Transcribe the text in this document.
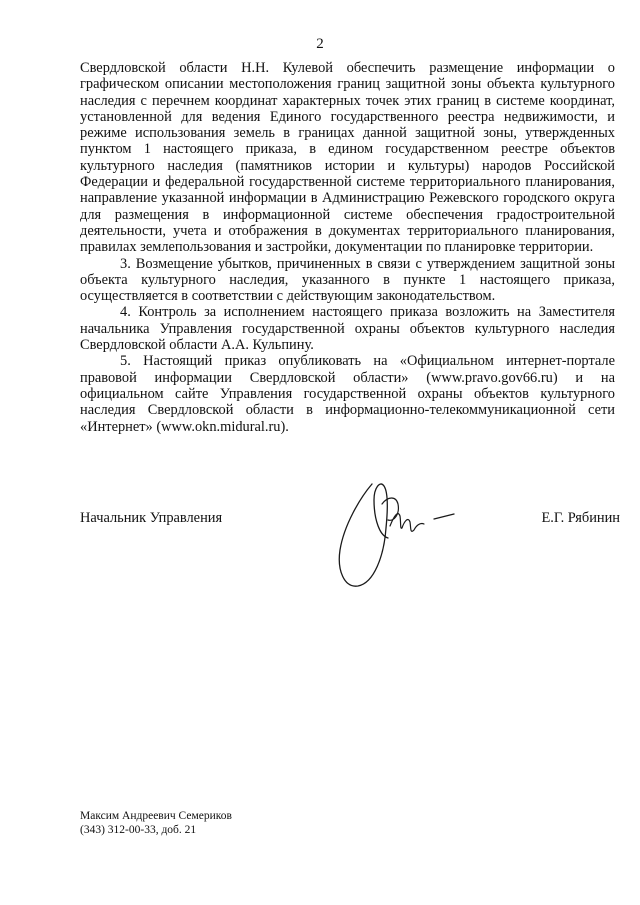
2

Свердловской области Н.Н. Кулевой обеспечить размещение информации о графическом описании местоположения границ защитной зоны объекта культурного наследия с перечнем координат характерных точек этих границ в системе координат, установленной для ведения Единого государственного реестра недвижимости, и режиме использования земель в границах данной защитной зоны, утвержденных пунктом 1 настоящего приказа, в едином государственном реестре объектов культурного наследия (памятников истории и культуры) народов Российской Федерации и федеральной государственной системе территориального планирования, направление указанной информации в Администрацию Режевского городского округа для размещения в информационной системе обеспечения градостроительной деятельности, учета и отображения в документах территориального планирования, правилах землепользования и застройки, документации по планировке территории.

3. Возмещение убытков, причиненных в связи с утверждением защитной зоны объекта культурного наследия, указанного в пункте 1 настоящего приказа, осуществляется в соответствии с действующим законодательством.

4. Контроль за исполнением настоящего приказа возложить на Заместителя начальника Управления государственной охраны объектов культурного наследия Свердловской области А.А. Кульпину.

5. Настоящий приказ опубликовать на «Официальном интернет-портале правовой информации Свердловской области» (www.pravo.gov66.ru) и на официальном сайте Управления государственной охраны объектов культурного наследия Свердловской области в информационно-телекоммуникационной сети «Интернет» (www.okn.midural.ru).

Начальник Управления	Е.Г. Рябинин
Максим Андреевич Семериков
(343) 312-00-33, доб. 21
